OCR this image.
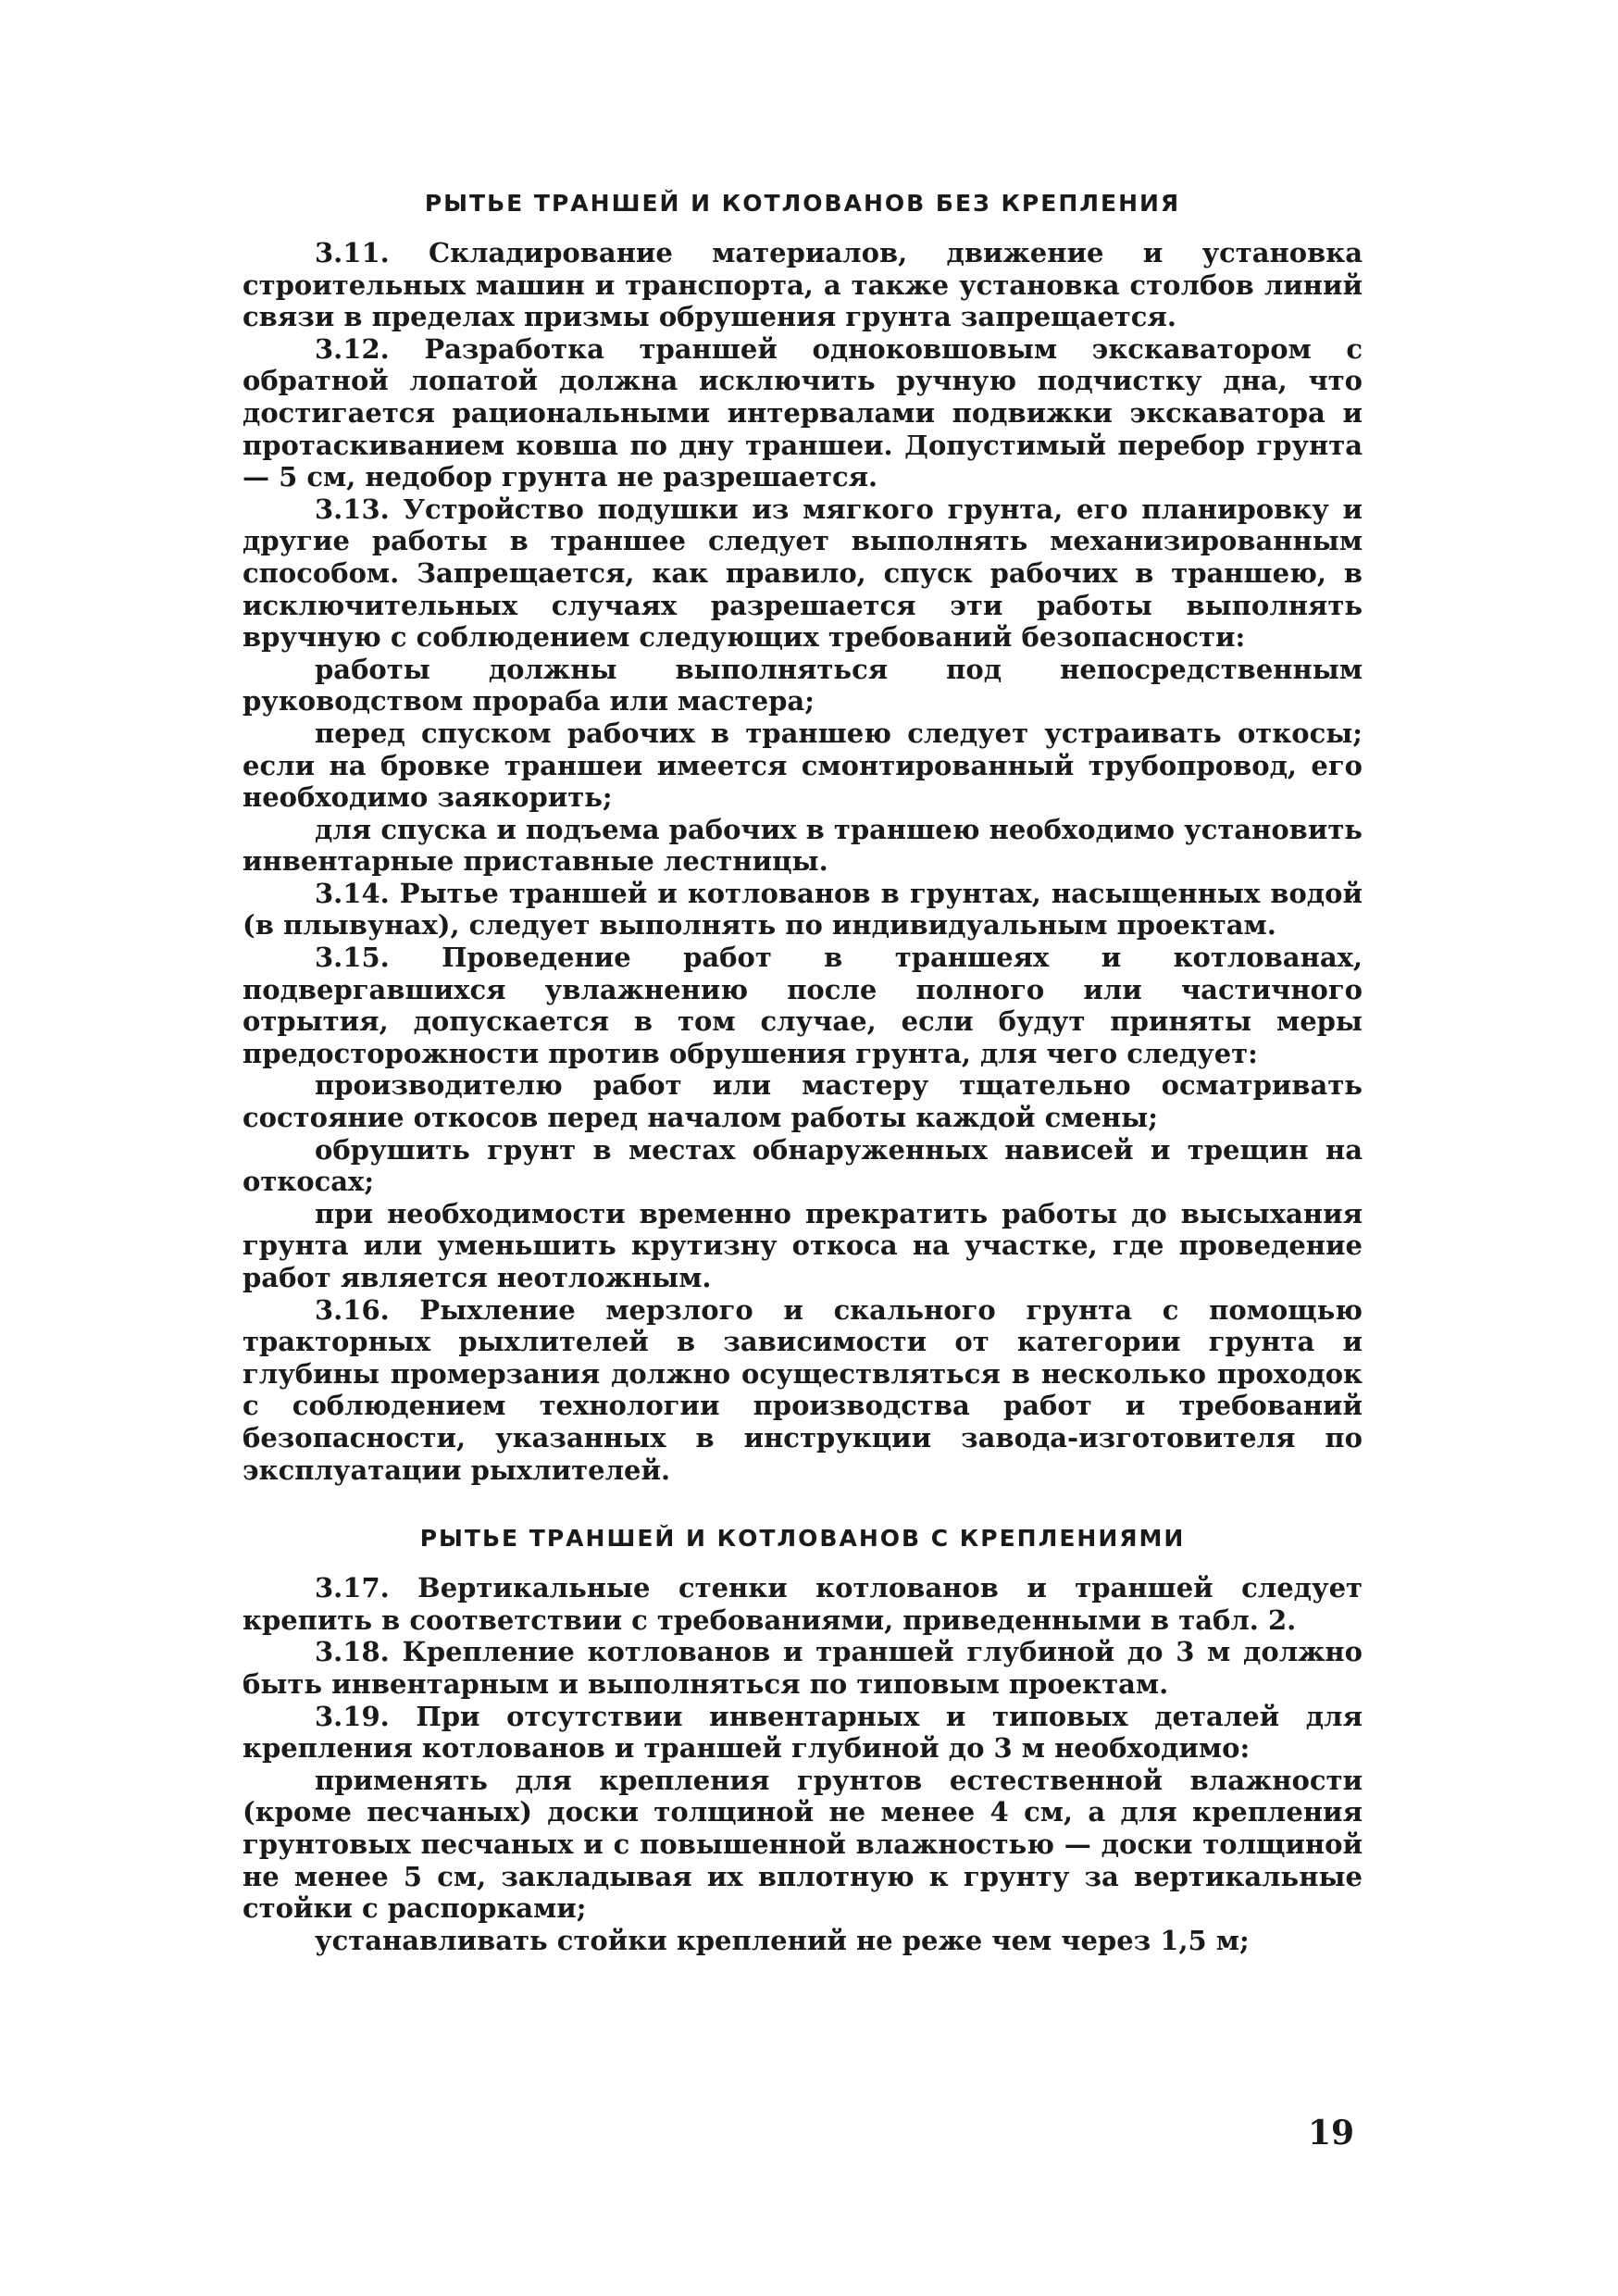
РЫТЬЕ ТРАНШЕЙ И КОТЛОВАНОВ БЕЗ КРЕПЛЕНИЯ

3.11. Складирование материалов, движение и установка строительных машин и транспорта, а также установка столбов линий связи в пределах призмы обрушения грунта запрещается.

3.12. Разработка траншей одноковшовым экскаватором с обратной лопатой должна исключить ручную подчистку дна, что достигается рациональными интервалами подвижки экскаватора и протаскиванием ковша по дну траншеи. Допустимый перебор грунта — 5 см, недобор грунта не разрешается.

3.13. Устройство подушки из мягкого грунта, его планировку и другие работы в траншее следует выполнять механизированным способом. Запрещается, как правило, спуск рабочих в траншею, в исключительных случаях разрешается эти работы выполнять вручную с соблюдением следующих требований безопасности:

работы должны выполняться под непосредственным руководством прораба или мастера;

перед спуском рабочих в траншею следует устраивать откосы; если на бровке траншеи имеется смонтированный трубопровод, его необходимо заякорить;

для спуска и подъема рабочих в траншею необходимо установить инвентарные приставные лестницы.

3.14. Рытье траншей и котлованов в грунтах, насыщенных водой (в плывунах), следует выполнять по индивидуальным проектам.

3.15. Проведение работ в траншеях и котлованах, подвергавшихся увлажнению после полного или частичного отрытия, допускается в том случае, если будут приняты меры предосторожности против обрушения грунта, для чего следует:

производителю работ или мастеру тщательно осматривать состояние откосов перед началом работы каждой смены;

обрушить грунт в местах обнаруженных нависей и трещин на откосах;

при необходимости временно прекратить работы до высыхания грунта или уменьшить крутизну откоса на участке, где проведение работ является неотложным.

3.16. Рыхление мерзлого и скального грунта с помощью тракторных рыхлителей в зависимости от категории грунта и глубины промерзания должно осуществляться в несколько проходок с соблюдением технологии производства работ и требований безопасности, указанных в инструкции завода-изготовителя по эксплуатации рыхлителей.

РЫТЬЕ ТРАНШЕЙ И КОТЛОВАНОВ С КРЕПЛЕНИЯМИ

3.17. Вертикальные стенки котлованов и траншей следует крепить в соответствии с требованиями, приведенными в табл. 2.

3.18. Крепление котлованов и траншей глубиной до 3 м должно быть инвентарным и выполняться по типовым проектам.

3.19. При отсутствии инвентарных и типовых деталей для крепления котлованов и траншей глубиной до 3 м необходимо:

применять для крепления грунтов естественной влажности (кроме песчаных) доски толщиной не менее 4 см, а для крепления грунтовых песчаных и с повышенной влажностью — доски толщиной не менее 5 см, закладывая их вплотную к грунту за вертикальные стойки с распорками;

устанавливать стойки креплений не реже чем через 1,5 м;

19
